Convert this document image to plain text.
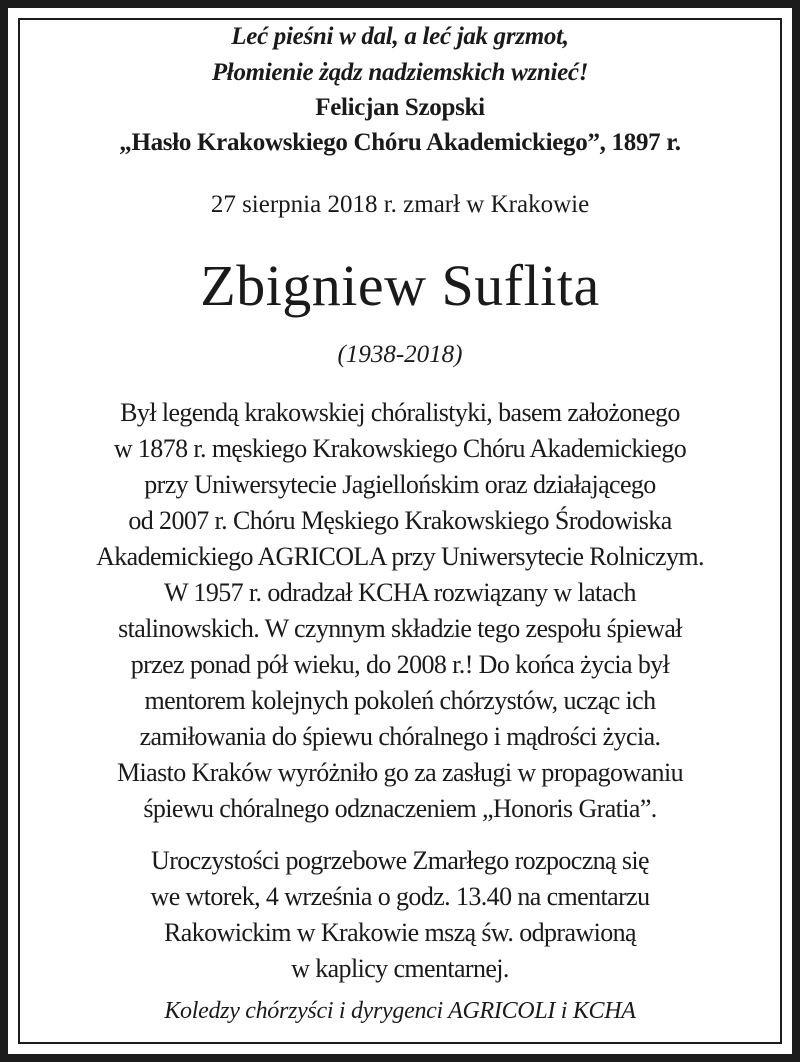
Leć pieśni w dal, a leć jak grzmot,
Płomienie żądz nadziemskich wznieć!
Felicjan Szopski
„Hasło Krakowskiego Chóru Akademickiego”, 1897 r.
27 sierpnia 2018 r. zmarł w Krakowie
Zbigniew Suflita
(1938-2018)
Był legendą krakowskiej chóralistyki, basem założonego
w 1878 r. męskiego Krakowskiego Chóru Akademickiego
przy Uniwersytecie Jagiellońskim oraz działającego
od 2007 r. Chóru Męskiego Krakowskiego Środowiska
Akademickiego AGRICOLA przy Uniwersytecie Rolniczym.
W 1957 r. odradzał KCHA rozwiązany w latach
stalinowskich. W czynnym składzie tego zespołu śpiewał
przez ponad pół wieku, do 2008 r.! Do końca życia był
mentorem kolejnych pokoleń chórzystów, ucząc ich
zamiłowania do śpiewu chóralnego i mądrości życia.
Miasto Kraków wyróżniło go za zasługi w propagowaniu
śpiewu chóralnego odznaczeniem „Honoris Gratia”.
Uroczystości pogrzebowe Zmarłego rozpoczną się
we wtorek, 4 września o godz. 13.40 na cmentarzu
Rakowickim w Krakowie mszą św. odprawioną
w kaplicy cmentarnej.
Koledzy chórzyści i dyrygenci AGRICOLI i KCHA
